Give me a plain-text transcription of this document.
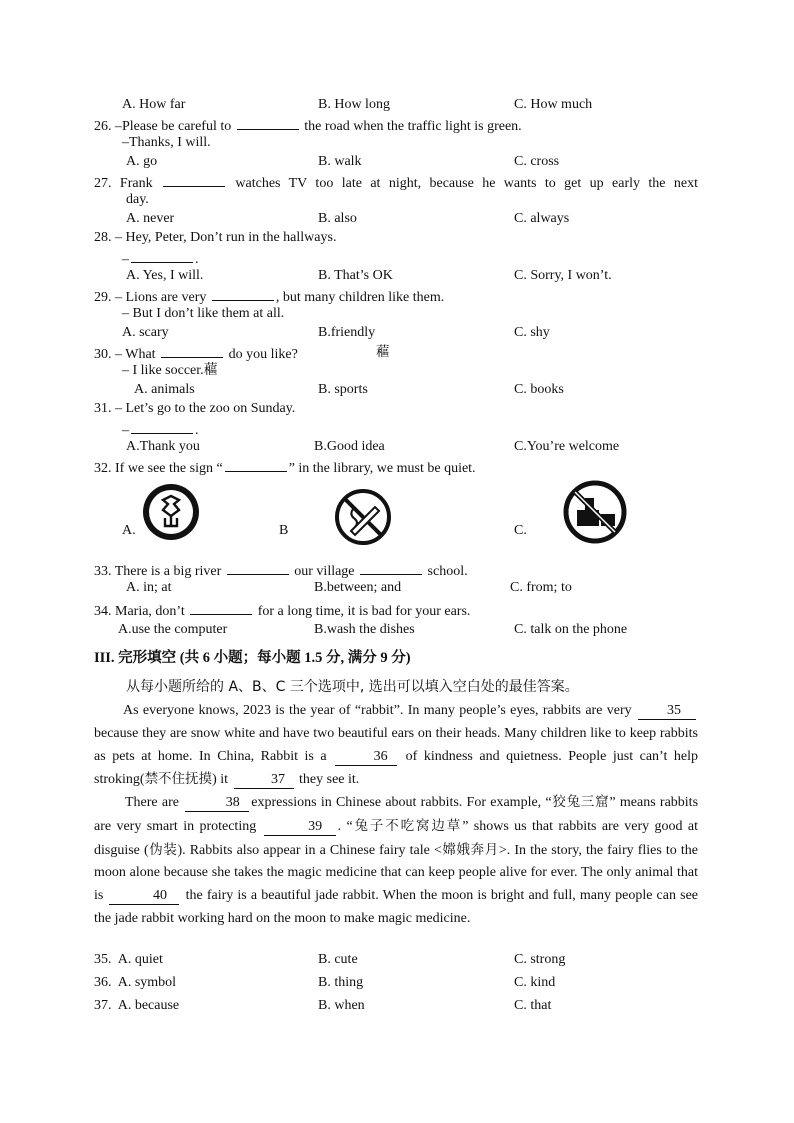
A. How far	B. How long	C. How much
26. –Please be careful to	the road when the traffic light is green.
–Thanks, I will.
A. go	B. walk	C. cross
27. Frank	watches TV too late at night, because he wants to get up early the next
day.
A. never	B. also	C. always
28. – Hey, Peter, Don’t run in the hallways.
–	.
A. Yes, I will.	B. That’s OK	C. Sorry, I won’t.
29. – Lions are very	, but many children like them.
– But I don’t like them at all.
A. scary	B.friendly	C. shy
30. – What	do you like?	藲
– I like soccer.藲
A. animals	B. sports	C. books
31. – Let’s go to the zoo on Sunday.
–	.
A.Thank you	B.Good idea	C.You’re welcome
32. If we see the sign “	” in the library, we must be quiet.
A.	B	C.
33. There is a big river	our village	school.
A. in; at	B.between; and	C. from; to
34. Maria, don’t	for a long time, it is bad for your ears.
A.use the computer	B.wash the dishes	C. talk on the phone
III. 完形填空 (共 6 小题；每小题 1.5 分, 满分 9 分)
从每小题所给的 A、B、C 三个选项中, 选出可以填入空白处的最佳答案。
As everyone knows, 2023 is the year of “rabbit”. In many people’s eyes, rabbits are very 35because they are snow white and have two beautiful ears on their heads. Many children like to keep rabbits as pets at home. In China, Rabbit is a	36 of kindness and quietness. People just can’t help stroking(禁不住抚摸) it	37 they see it.
There are	38 expressions in Chinese about rabbits. For example, “狡兔三窟” means rabbits are very smart in protecting	39 . “兔子不吃窝边草” shows us that rabbits are very good at disguise (伪装). Rabbits also appear in a Chinese fairy tale <嫦娥奔月>. In the story, the fairy flies to the moon alone because she takes the magic medicine that can keep people alive for ever. The only animal that is	40 the fairy is a beautiful jade rabbit. When the moon is bright and full, many people can see the jade rabbit working hard on the moon to make magic medicine.
35. A. quiet	B. cute	C. strong
36. A. symbol	B. thing	C. kind
37. A. because	B. when	C. that
